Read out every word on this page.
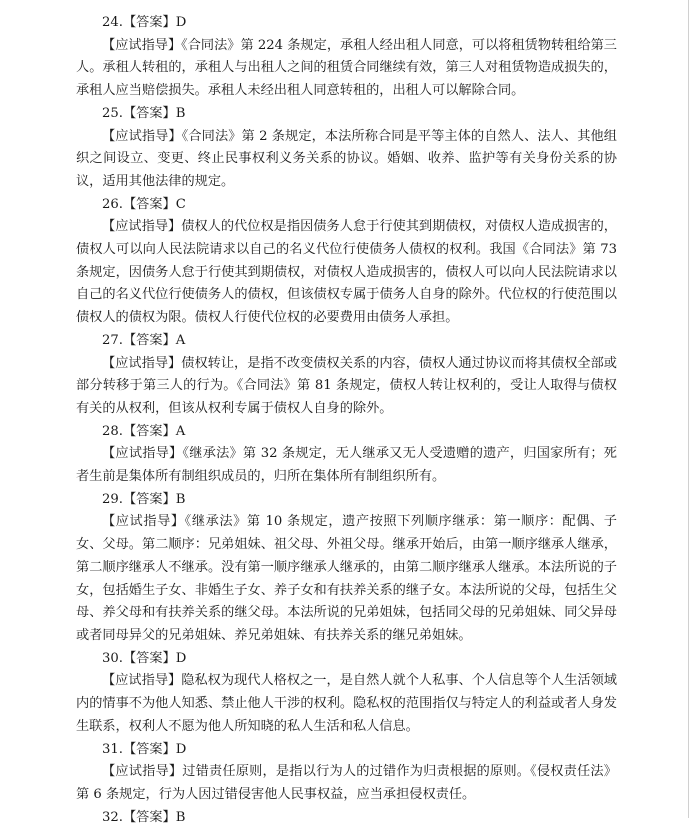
24.【答案】D

【应试指导】《合同法》第 224 条规定，承租人经出租人同意，可以将租赁物转租给第三人。承租人转租的，承租人与出租人之间的租赁合同继续有效，第三人对租赁物造成损失的，承租人应当赔偿损失。承租人未经出租人同意转租的，出租人可以解除合同。

25.【答案】B

【应试指导】《合同法》第 2 条规定，本法所称合同是平等主体的自然人、法人、其他组织之间设立、变更、终止民事权利义务关系的协议。婚姻、收养、监护等有关身份关系的协议，适用其他法律的规定。

26.【答案】C

【应试指导】债权人的代位权是指因债务人怠于行使其到期债权，对债权人造成损害的，债权人可以向人民法院请求以自己的名义代位行使债务人债权的权利。我国《合同法》第 73 条规定，因债务人怠于行使其到期债权，对债权人造成损害的，债权人可以向人民法院请求以自己的名义代位行使债务人的债权，但该债权专属于债务人自身的除外。代位权的行使范围以债权人的债权为限。债权人行使代位权的必要费用由债务人承担。

27.【答案】A

【应试指导】债权转让，是指不改变债权关系的内容，债权人通过协议而将其债权全部或部分转移于第三人的行为。《合同法》第 81 条规定，债权人转让权利的，受让人取得与债权有关的从权利，但该从权利专属于债权人自身的除外。

28.【答案】A

【应试指导】《继承法》第 32 条规定，无人继承又无人受遗赠的遗产，归国家所有；死者生前是集体所有制组织成员的，归所在集体所有制组织所有。

29.【答案】B

【应试指导】《继承法》第 10 条规定，遗产按照下列顺序继承：第一顺序：配偶、子女、父母。第二顺序：兄弟姐妹、祖父母、外祖父母。继承开始后，由第一顺序继承人继承，第二顺序继承人不继承。没有第一顺序继承人继承的，由第二顺序继承人继承。本法所说的子女，包括婚生子女、非婚生子女、养子女和有扶养关系的继子女。本法所说的父母，包括生父母、养父母和有扶养关系的继父母。本法所说的兄弟姐妹，包括同父母的兄弟姐妹、同父异母或者同母异父的兄弟姐妹、养兄弟姐妹、有扶养关系的继兄弟姐妹。

30.【答案】D

【应试指导】隐私权为现代人格权之一，是自然人就个人私事、个人信息等个人生活领域内的情事不为他人知悉、禁止他人干涉的权利。隐私权的范围指仅与特定人的利益或者人身发生联系，权利人不愿为他人所知晓的私人生活和私人信息。

31.【答案】D

【应试指导】过错责任原则，是指以行为人的过错作为归责根据的原则。《侵权责任法》第 6 条规定，行为人因过错侵害他人民事权益，应当承担侵权责任。

32.【答案】B
